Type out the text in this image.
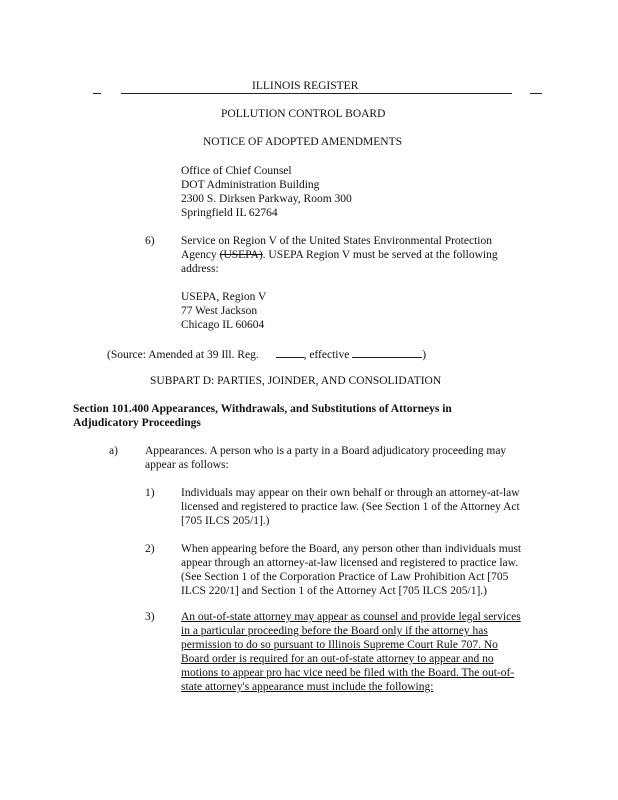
ILLINOIS REGISTER
POLLUTION CONTROL BOARD
NOTICE OF ADOPTED AMENDMENTS
Office of Chief Counsel
DOT Administration Building
2300 S. Dirksen Parkway, Room 300
Springfield IL 62764
6) Service on Region V of the United States Environmental Protection
Agency (USEPA). USEPA Region V must be served at the following
address:
USEPA, Region V
77 West Jackson
Chicago IL 60604
(Source: Amended at 39 Ill. Reg.	, effective	)
SUBPART D: PARTIES, JOINDER, AND CONSOLIDATION
Section 101.400 Appearances, Withdrawals, and Substitutions of Attorneys in
Adjudicatory Proceedings
a) Appearances. A person who is a party in a Board adjudicatory proceeding may
appear as follows:
1) Individuals may appear on their own behalf or through an attorney-at-law
licensed and registered to practice law. (See Section 1 of the Attorney Act
[705 ILCS 205/1].)
2) When appearing before the Board, any person other than individuals must
appear through an attorney-at-law licensed and registered to practice law.
(See Section 1 of the Corporation Practice of Law Prohibition Act [705
ILCS 220/1] and Section 1 of the Attorney Act [705 ILCS 205/1].)
3) An out-of-state attorney may appear as counsel and provide legal services
in a particular proceeding before the Board only if the attorney has
permission to do so pursuant to Illinois Supreme Court Rule 707. No
Board order is required for an out-of-state attorney to appear and no
motions to appear pro hac vice need be filed with the Board. The out-of-
state attorney's appearance must include the following:
